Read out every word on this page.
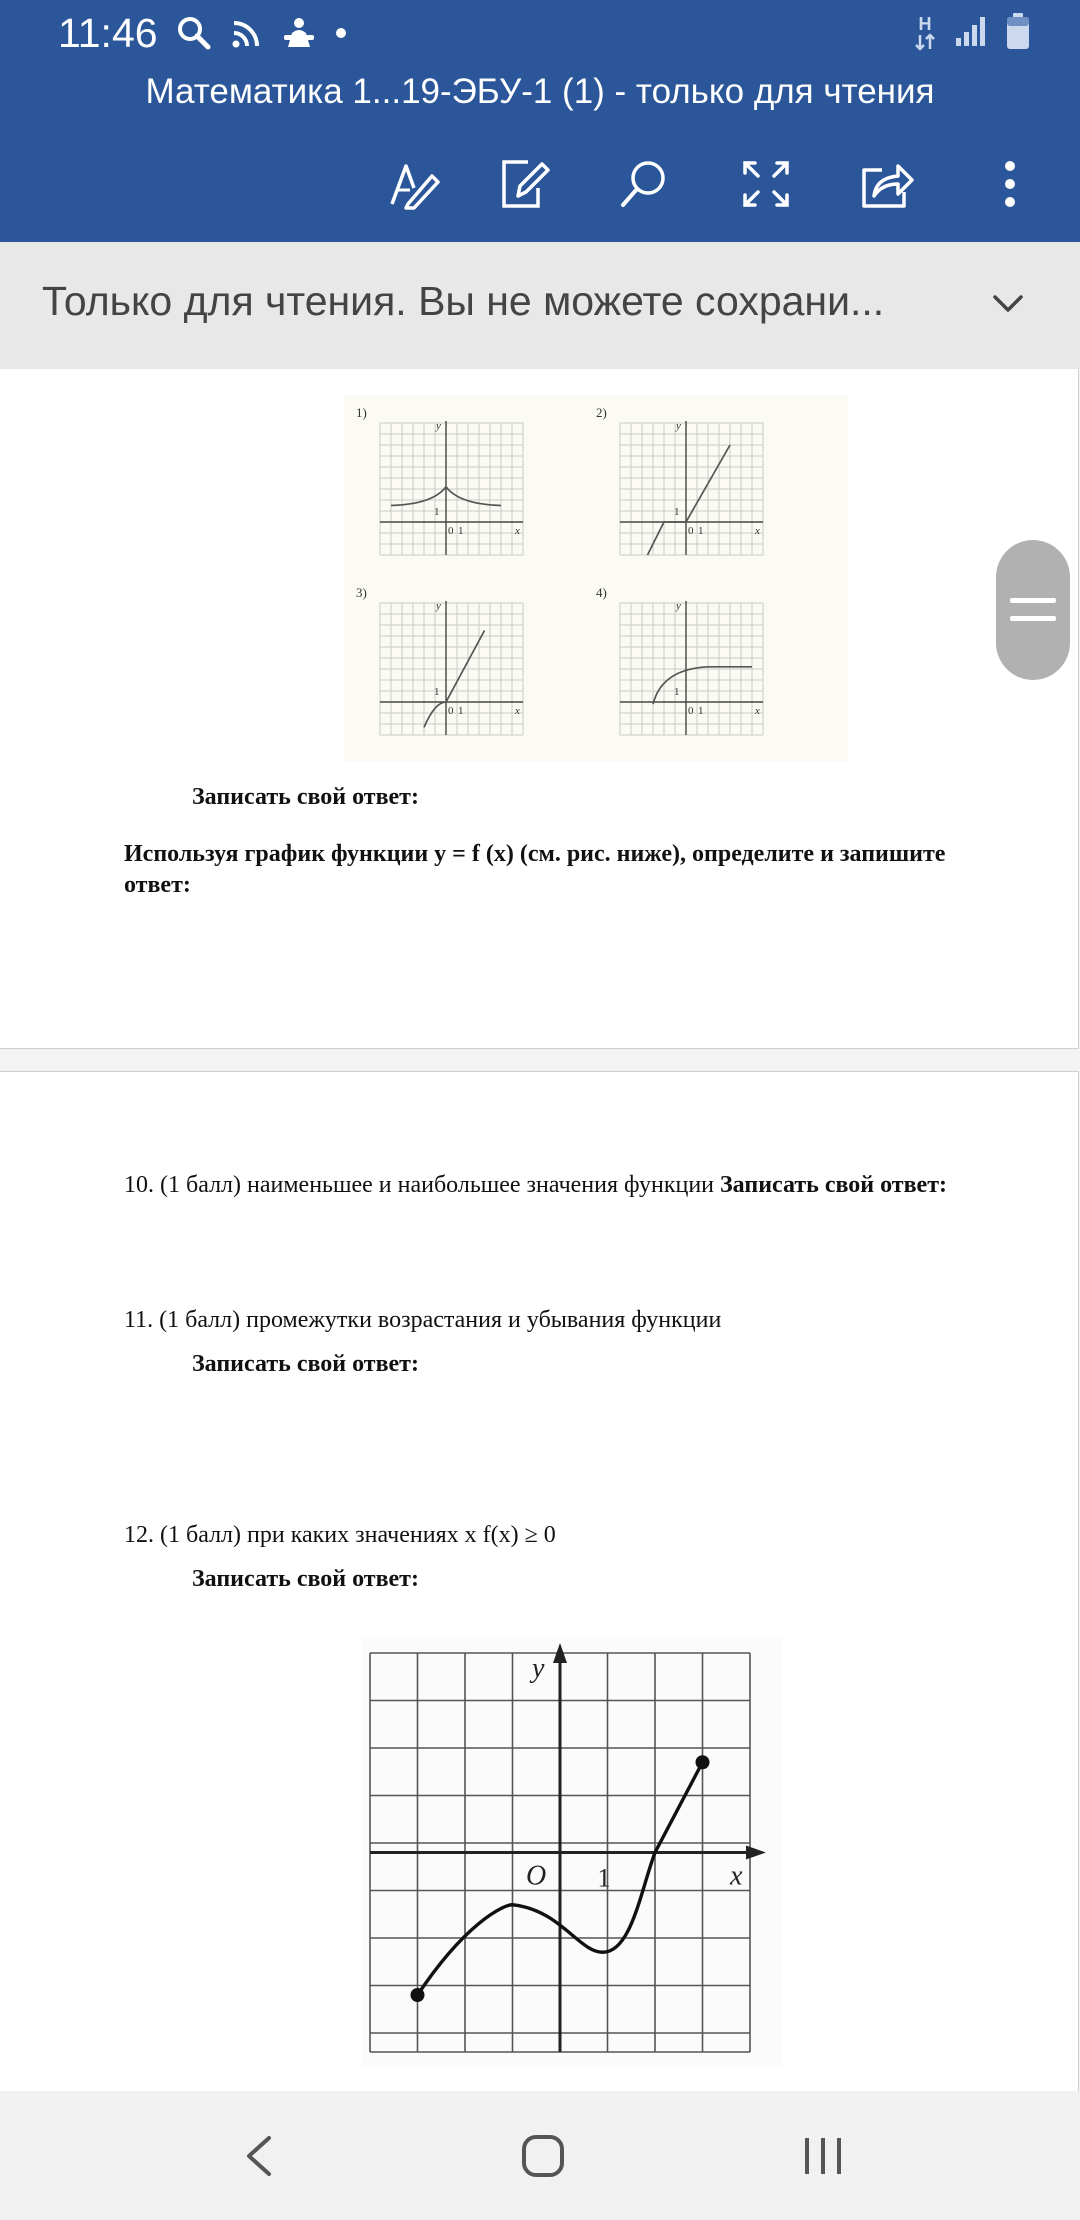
11:46	H
Математика 1...19-ЭБУ-1 (1) - только для чтения
Только для чтения. Вы не можете сохрани...
1)
y
x
0 1
1
2)
y
x
0 1
1
3)
y
x
0 1
1
4)
y
x
0 1
1
Записать свой ответ:
Используя график функции y = f (x) (см. рис. ниже), определите и запишите
ответ:
10. (1 балл) наименьшее и наибольшее значения функции Записать свой ответ:
11. (1 балл) промежутки возрастания и убывания функции
Записать свой ответ:
12. (1 балл) при каких значениях x f(x) ≥ 0
Записать свой ответ:
y
x
O 1
